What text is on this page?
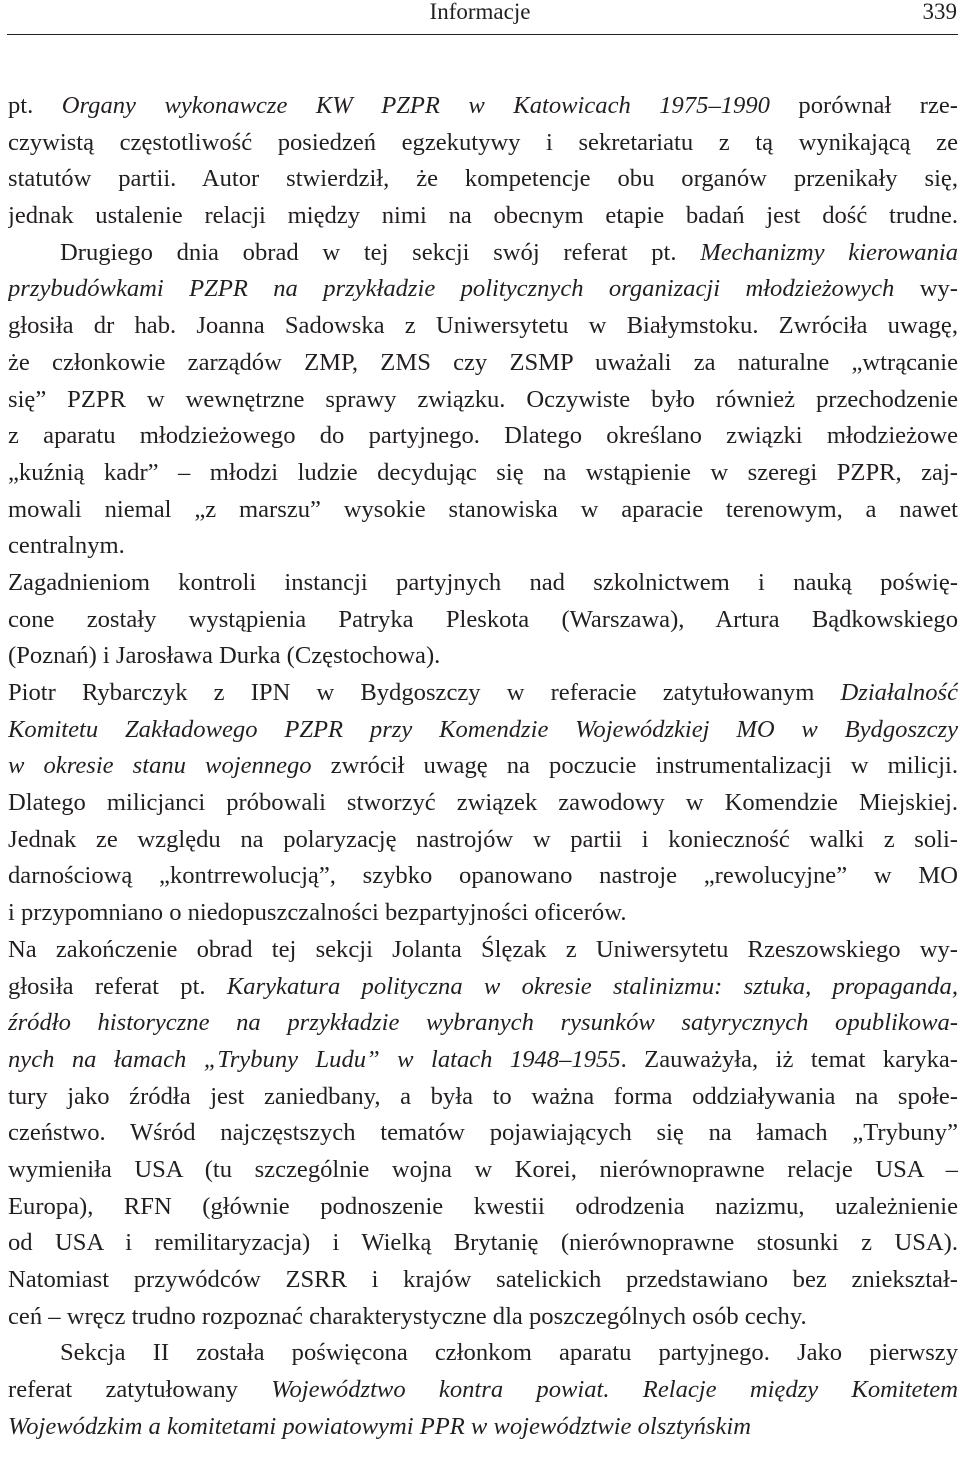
Informacje	339
pt. Organy wykonawcze KW PZPR w Katowicach 1975–1990 porównał rze-
czywistą częstotliwość posiedzeń egzekutywy i sekretariatu z tą wynikającą ze
statutów partii. Autor stwierdził, że kompetencje obu organów przenikały się,
jednak ustalenie relacji między nimi na obecnym etapie badań jest dość trudne.
Drugiego dnia obrad w tej sekcji swój referat pt. Mechanizmy kierowania
przybudówkami PZPR na przykładzie politycznych organizacji młodzieżowych wy-
głosiła dr hab. Joanna Sadowska z Uniwersytetu w Białymstoku. Zwróciła uwagę,
że członkowie zarządów ZMP, ZMS czy ZSMP uważali za naturalne „wtrącanie
się” PZPR w wewnętrzne sprawy związku. Oczywiste było również przechodzenie
z aparatu młodzieżowego do partyjnego. Dlatego określano związki młodzieżowe
„kuźnią kadr” – młodzi ludzie decydując się na wstąpienie w szeregi PZPR, zaj-
mowali niemal „z marszu” wysokie stanowiska w aparacie terenowym, a nawet
centralnym.
Zagadnieniom kontroli instancji partyjnych nad szkolnictwem i nauką poświę-
cone zostały wystąpienia Patryka Pleskota (Warszawa), Artura Bądkowskiego
(Poznań) i Jarosława Durka (Częstochowa).
Piotr Rybarczyk z IPN w Bydgoszczy w referacie zatytułowanym Działalność
Komitetu Zakładowego PZPR przy Komendzie Wojewódzkiej MO w Bydgoszczy
w okresie stanu wojennego zwrócił uwagę na poczucie instrumentalizacji w milicji.
Dlatego milicjanci próbowali stworzyć związek zawodowy w Komendzie Miejskiej.
Jednak ze względu na polaryzację nastrojów w partii i konieczność walki z soli-
darnościową „kontrrewolucją”, szybko opanowano nastroje „rewolucyjne” w MO
i przypomniano o niedopuszczalności bezpartyjności oficerów.
Na zakończenie obrad tej sekcji Jolanta Ślęzak z Uniwersytetu Rzeszowskiego wy-
głosiła referat pt. Karykatura polityczna w okresie stalinizmu: sztuka, propaganda,
źródło historyczne na przykładzie wybranych rysunków satyrycznych opublikowa-
nych na łamach „Trybuny Ludu” w latach 1948–1955. Zauważyła, iż temat karyka-
tury jako źródła jest zaniedbany, a była to ważna forma oddziaływania na społe-
czeństwo. Wśród najczęstszych tematów pojawiających się na łamach „Trybuny”
wymieniła USA (tu szczególnie wojna w Korei, nierównoprawne relacje USA –
Europa), RFN (głównie podnoszenie kwestii odrodzenia nazizmu, uzależnienie
od USA i remilitaryzacja) i Wielką Brytanię (nierównoprawne stosunki z USA).
Natomiast przywódców ZSRR i krajów satelickich przedstawiano bez zniekształ-
ceń – wręcz trudno rozpoznać charakterystyczne dla poszczególnych osób cechy.
Sekcja II została poświęcona członkom aparatu partyjnego. Jako pierwszy
referat zatytułowany Województwo kontra powiat. Relacje między Komitetem
Wojewódzkim a komitetami powiatowymi PPR w województwie olsztyńskim
